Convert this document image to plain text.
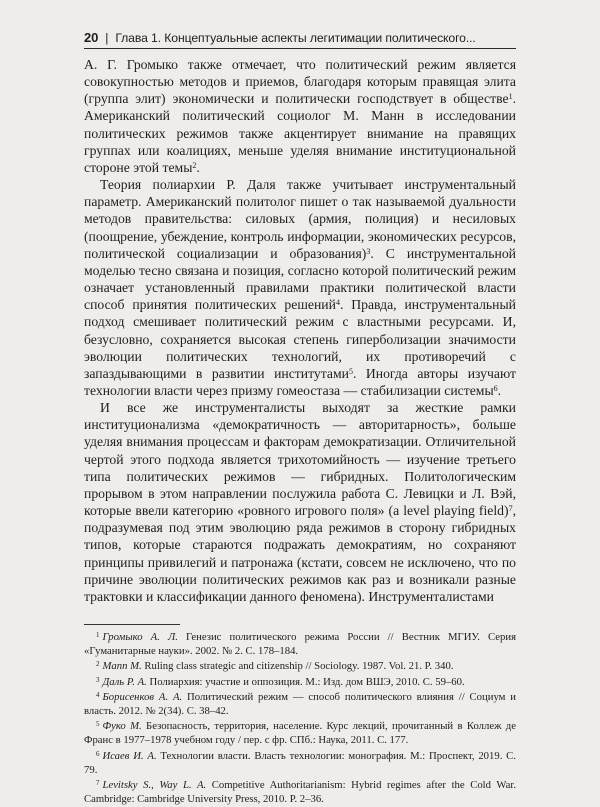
20 | Глава 1. Концептуальные аспекты легитимации политического...

А. Г. Громыко также отмечает, что политический режим является совокупностью методов и приемов, благодаря которым правящая элита (группа элит) экономически и политически господствует в обществе$^1$. Американский политический социолог М. Манн в исследовании политических режимов также акцентирует внимание на правящих группах или коалициях, меньше уделяя внимание институциональной стороне этой темы$^2$.

Теория полиархии Р. Даля также учитывает инструментальный параметр. Американский политолог пишет о так называемой дуальности методов правительства: силовых (армия, полиция) и несиловых (поощрение, убеждение, контроль информации, экономических ресурсов, политической социализации и образования)$^3$. С инструментальной моделью тесно связана и позиция, согласно которой политический режим означает установленный правилами практики политической власти способ принятия политических решений$^4$. Правда, инструментальный подход смешивает политический режим с властными ресурсами. И, безусловно, сохраняется высокая степень гиперболизации значимости эволюции политических технологий, их противоречий с запаздывающими в развитии институтами$^5$. Иногда авторы изучают технологии власти через призму гомеостаза — стабилизации системы$^6$.

И все же инструменталисты выходят за жесткие рамки институционализма «демократичность — авторитарность», больше уделяя внимания процессам и факторам демократизации. Отличительной чертой этого подхода является трихотомийность — изучение третьего типа политических режимов — гибридных. Политологическим прорывом в этом направлении послужила работа С. Левицки и Л. Вэй, которые ввели категорию «ровного игрового поля» (a level playing field)$^7$, подразумевая под этим эволюцию ряда режимов в сторону гибридных типов, которые стараются подражать демократиям, но сохраняют принципы привилегий и патронажа (кстати, совсем не исключено, что по причине эволюции политических режимов как раз и возникали разные трактовки и классификации данного феномена). Инструменталистами

$^1$ Громыко А. Л. Генезис политического режима России // Вестник МГИУ. Серия «Гуманитарные науки». 2002. № 2. С. 178–184.

$^2$ Mann M. Ruling class strategic and citizenship // Sociology. 1987. Vol. 21. P. 340.

$^3$ Даль Р. А. Полиархия: участие и оппозиция. М.: Изд. дом ВШЭ, 2010. С. 59–60.

$^4$ Борисенков А. А. Политический режим — способ политического влияния // Социум и власть. 2012. № 2(34). С. 38–42.

$^5$ Фуко М. Безопасность, территория, население. Курс лекций, прочитанный в Коллеж де Франс в 1977–1978 учебном году / пер. с фр. СПб.: Наука, 2011. С. 177.

$^6$ Исаев И. А. Технологии власти. Власть технологии: монография. М.: Проспект, 2019. С. 79.

$^7$ Levitsky S., Way L. A. Competitive Authoritarianism: Hybrid regimes after the Cold War. Cambridge: Cambridge University Press, 2010. P. 2–36.
